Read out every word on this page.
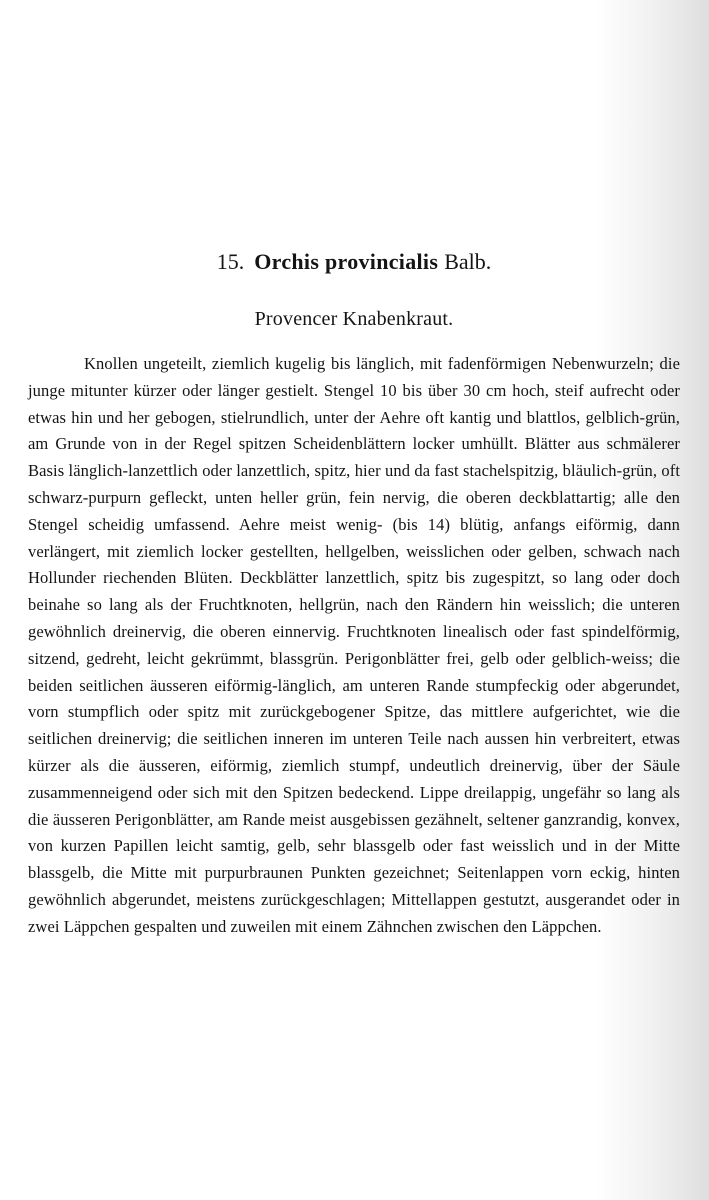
15. Orchis provincialis Balb.

Provencer Knabenkraut.

Knollen ungeteilt, ziemlich kugelig bis länglich, mit fadenförmigen Nebenwurzeln; die junge mitunter kürzer oder länger gestielt. Stengel 10 bis über 30 cm hoch, steif aufrecht oder etwas hin und her gebogen, stielrundlich, unter der Aehre oft kantig und blattlos, gelblich-grün, am Grunde von in der Regel spitzen Scheidenblättern locker umhüllt. Blätter aus schmälerer Basis länglich-lanzettlich oder lanzettlich, spitz, hier und da fast stachelspitzig, bläulich-grün, oft schwarz-purpurn gefleckt, unten heller grün, fein nervig, die oberen deckblattartig; alle den Stengel scheidig umfassend. Aehre meist wenig- (bis 14) blütig, anfangs eiförmig, dann verlängert, mit ziemlich locker gestellten, hellgelben, weisslichen oder gelben, schwach nach Hollunder riechenden Blüten. Deckblätter lanzettlich, spitz bis zugespitzt, so lang oder doch beinahe so lang als der Fruchtknoten, hellgrün, nach den Rändern hin weisslich; die unteren gewöhnlich dreinervig, die oberen einnervig. Fruchtknoten linealisch oder fast spindelförmig, sitzend, gedreht, leicht gekrümmt, blassgrün. Perigonblätter frei, gelb oder gelblich-weiss; die beiden seitlichen äusseren eiförmig-länglich, am unteren Rande stumpfeckig oder abgerundet, vorn stumpflich oder spitz mit zurückgebogener Spitze, das mittlere aufgerichtet, wie die seitlichen dreinervig; die seitlichen inneren im unteren Teile nach aussen hin verbreitert, etwas kürzer als die äusseren, eiförmig, ziemlich stumpf, undeutlich dreinervig, über der Säule zusammenneigend oder sich mit den Spitzen bedeckend. Lippe dreilappig, ungefähr so lang als die äusseren Perigonblätter, am Rande meist ausgebissen gezähnelt, seltener ganzrandig, konvex, von kurzen Papillen leicht samtig, gelb, sehr blassgelb oder fast weisslich und in der Mitte blassgelb, die Mitte mit purpurbraunen Punkten gezeichnet; Seitenlappen vorn eckig, hinten gewöhnlich abgerundet, meistens zurückgeschlagen; Mittellappen gestutzt, ausgerandet oder in zwei Läppchen gespalten und zuweilen mit einem Zähnchen zwischen den Läppchen.
